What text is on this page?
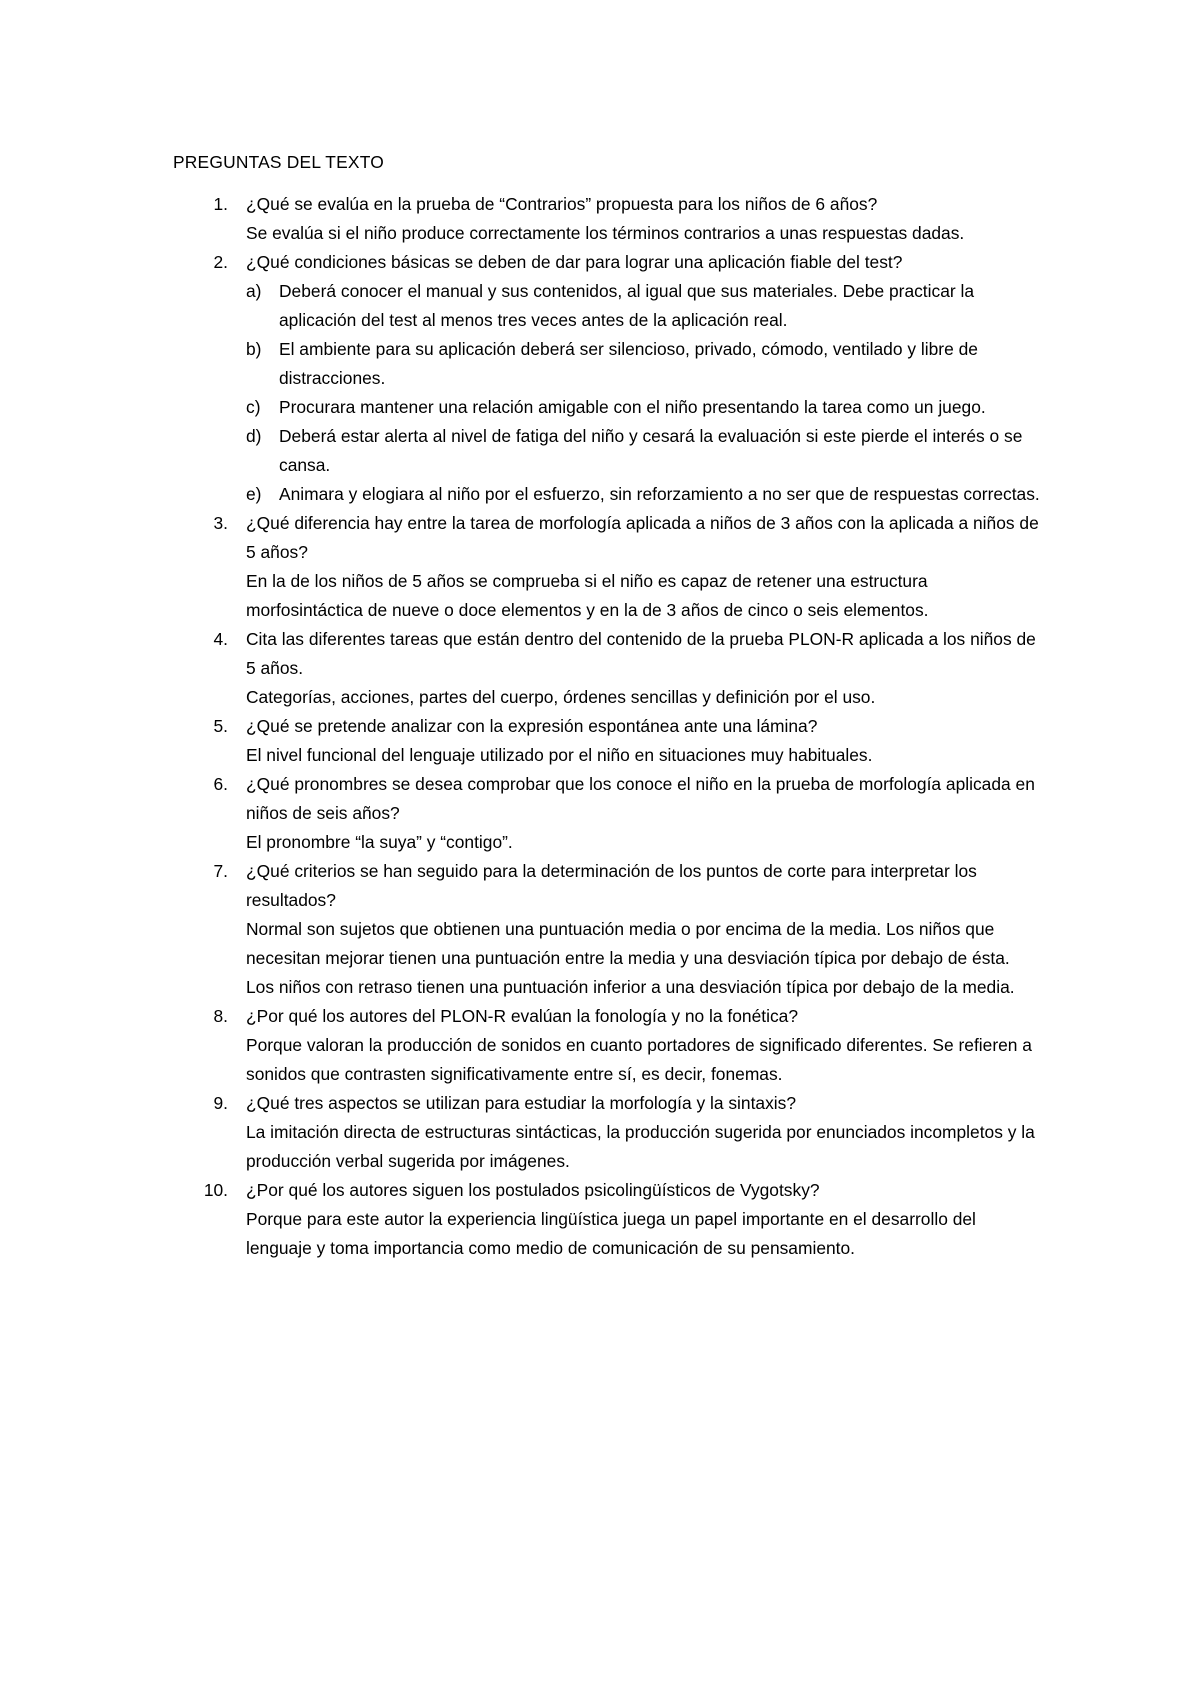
PREGUNTAS DEL TEXTO
1. ¿Qué se evalúa en la prueba de “Contrarios” propuesta para los niños de 6 años?

Se evalúa si el niño produce correctamente los términos contrarios a unas respuestas dadas.

2. ¿Qué condiciones básicas se deben de dar para lograr una aplicación fiable del test?

a) Deberá conocer el manual y sus contenidos, al igual que sus materiales. Debe practicar la aplicación del test al menos tres veces antes de la aplicación real.
b) El ambiente para su aplicación deberá ser silencioso, privado, cómodo, ventilado y libre de distracciones.
c) Procurara mantener una relación amigable con el niño presentando la tarea como un juego.
d) Deberá estar alerta al nivel de fatiga del niño y cesará la evaluación si este pierde el interés o se cansa.
e) Animara y elogiara al niño por el esfuerzo, sin reforzamiento a no ser que de respuestas correctas.
3. ¿Qué diferencia hay entre la tarea de morfología aplicada a niños de 3 años con la aplicada a niños de 5 años?

En la de los niños de 5 años se comprueba si el niño es capaz de retener una estructura morfosintáctica de nueve o doce elementos y en la de 3 años de cinco o seis elementos.

4. Cita las diferentes tareas que están dentro del contenido de la prueba PLON-R aplicada a los niños de 5 años.

Categorías, acciones, partes del cuerpo, órdenes sencillas y definición por el uso.

5. ¿Qué se pretende analizar con la expresión espontánea ante una lámina?

El nivel funcional del lenguaje utilizado por el niño en situaciones muy habituales.

6. ¿Qué pronombres se desea comprobar que los conoce el niño en la prueba de morfología aplicada en niños de seis años?

El pronombre “la suya” y “contigo”.

7. ¿Qué criterios se han seguido para la determinación de los puntos de corte para interpretar los resultados?

Normal son sujetos que obtienen una puntuación media o por encima de la media. Los niños que necesitan mejorar tienen una puntuación entre la media y una desviación típica por debajo de ésta. Los niños con retraso tienen una puntuación inferior a una desviación típica por debajo de la media.

8. ¿Por qué los autores del PLON-R evalúan la fonología y no la fonética?

Porque valoran la producción de sonidos en cuanto portadores de significado diferentes. Se refieren a sonidos que contrasten significativamente entre sí, es decir, fonemas.

9. ¿Qué tres aspectos se utilizan para estudiar la morfología y la sintaxis?

La imitación directa de estructuras sintácticas, la producción sugerida por enunciados incompletos y la producción verbal sugerida por imágenes.

10. ¿Por qué los autores siguen los postulados psicolingüísticos de Vygotsky?

Porque para este autor la experiencia lingüística juega un papel importante en el desarrollo del lenguaje y toma importancia como medio de comunicación de su pensamiento.
